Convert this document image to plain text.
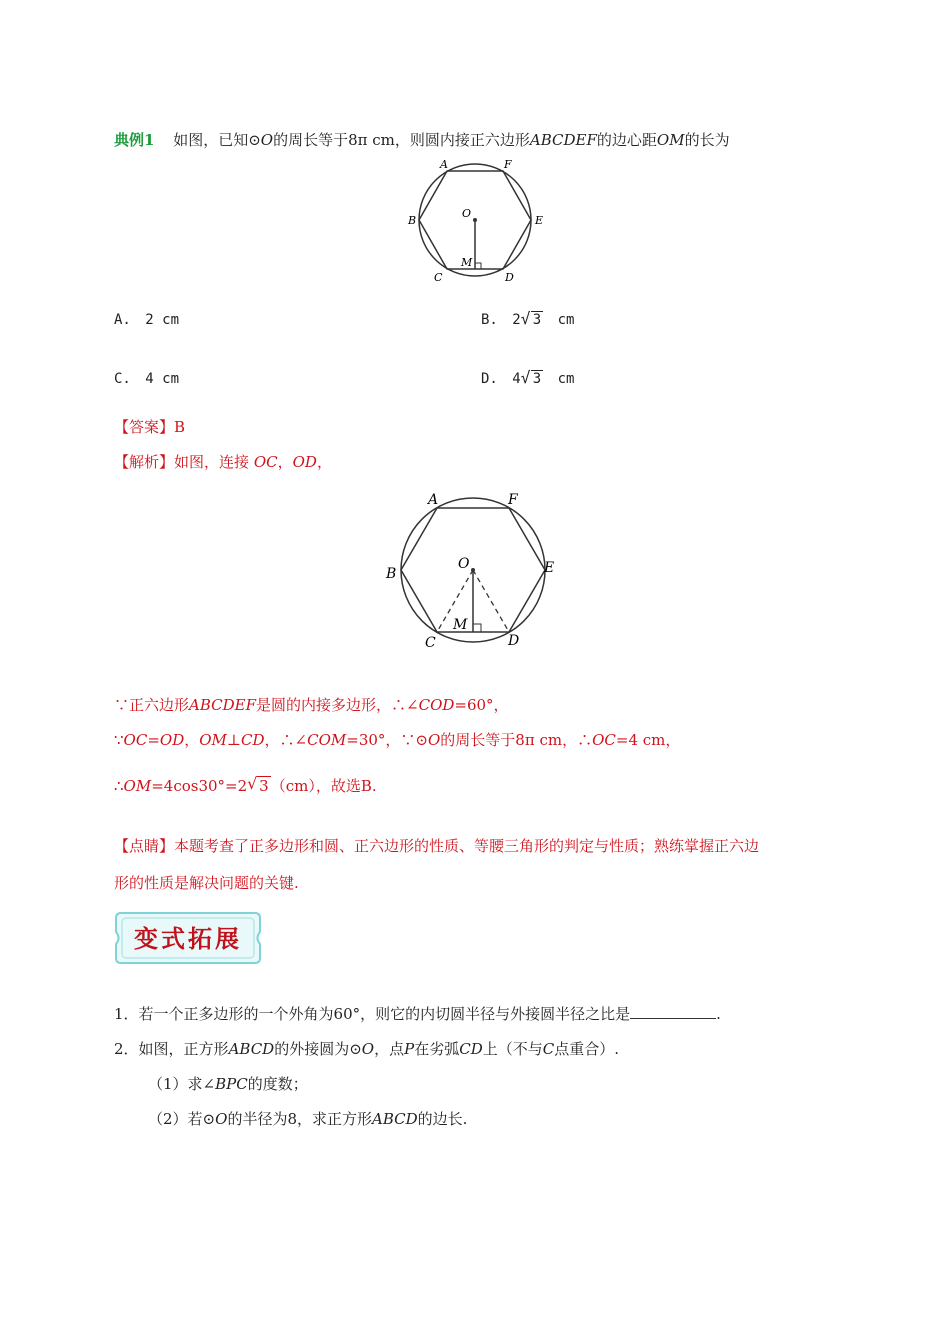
典例1 如图，已知⊙O的周长等于8π cm，则圆内接正六边形ABCDEF的边心距OM的长为
A	F
B	E
C	D
O
M
A. 2 cm	B. 2 √ 3 cm
C. 4 cm	D. 4 √ 3 cm
【答案】B
【解析】如图，连接 OC，OD，
A	F
B	E
C	D
O
M
∵正六边形ABCDEF是圆的内接多边形，∴∠COD=60°，
∵OC=OD，OM⊥CD，∴∠COM=30°，∵⊙O的周长等于8π cm，∴OC=4 cm，
∴OM=4cos30°=2 √ 3 （cm），故选B.
【点睛】本题考查了正多边形和圆、正六边形的性质、等腰三角形的判定与性质；熟练掌握正六边
形的性质是解决问题的关键.
变式拓展
1．若一个正多边形的一个外角为60°，则它的内切圆半径与外接圆半径之比是	.
2．如图，正方形ABCD的外接圆为⊙O，点P在劣弧CD上（不与C点重合）.
（1）求∠BPC的度数；
（2）若⊙O的半径为8，求正方形ABCD的边长.
